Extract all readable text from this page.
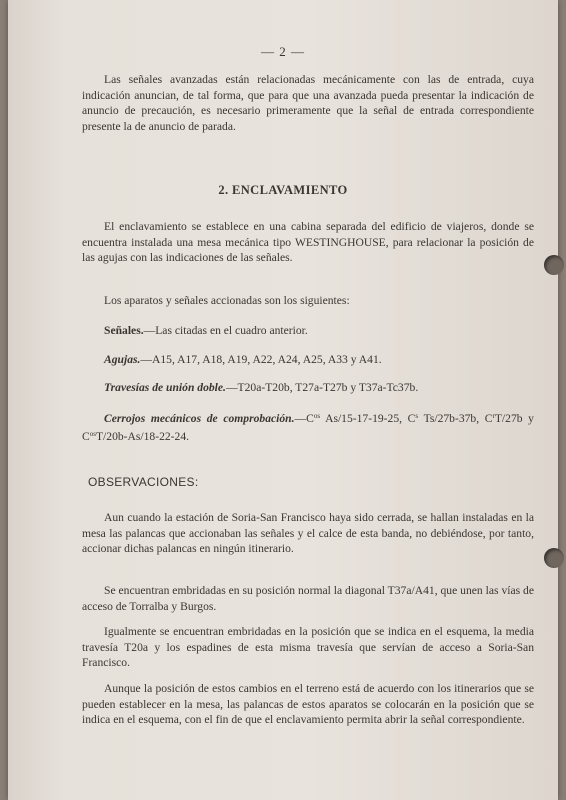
— 2 —

Las señales avanzadas están relacionadas mecánicamente con las de entrada, cuya indicación anuncian, de tal forma, que para que una avanzada pueda presentar la indicación de anuncio de precaución, es necesario primeramente que la señal de entrada correspondiente presente la de anuncio de parada.

2. ENCLAVAMIENTO

El enclavamiento se establece en una cabina separada del edificio de viajeros, donde se encuentra instalada una mesa mecánica tipo WESTINGHOUSE, para relacionar la posición de las agujas con las indicaciones de las señales.

Los aparatos y señales accionadas son los siguientes:

Señales.—Las citadas en el cuadro anterior.

Agujas.—A15, A17, A18, A19, A22, A24, A25, A33 y A41.

Travesías de unión doble.—T20a-T20b, T27a-T27b y T37a-Tc37b.

Cerrojos mecánicos de $comprobación.—C^{os}$ As/15-17-19-25, $C^s$ Ts/27b-37b, $C^rT/27b$ y $C^{os}T/20b-As/18-22-24$.

OBSERVACIONES:

Aun cuando la estación de Soria-San Francisco haya sido cerrada, se hallan instaladas en la mesa las palancas que accionaban las señales y el calce de esta banda, no debiéndose, por tanto, accionar dichas palancas en ningún itinerario.

Se encuentran embridadas en su posición normal la diagonal T37a/A41, que unen las vías de acceso de Torralba y Burgos.

Igualmente se encuentran embridadas en la posición que se indica en el esquema, la media travesía T20a y los espadines de esta misma travesía que servían de acceso a Soria-San Francisco.

Aunque la posición de estos cambios en el terreno está de acuerdo con los itinerarios que se pueden establecer en la mesa, las palancas de estos aparatos se colocarán en la posición que se indica en el esquema, con el fin de que el enclavamiento permita abrir la señal correspondiente.
